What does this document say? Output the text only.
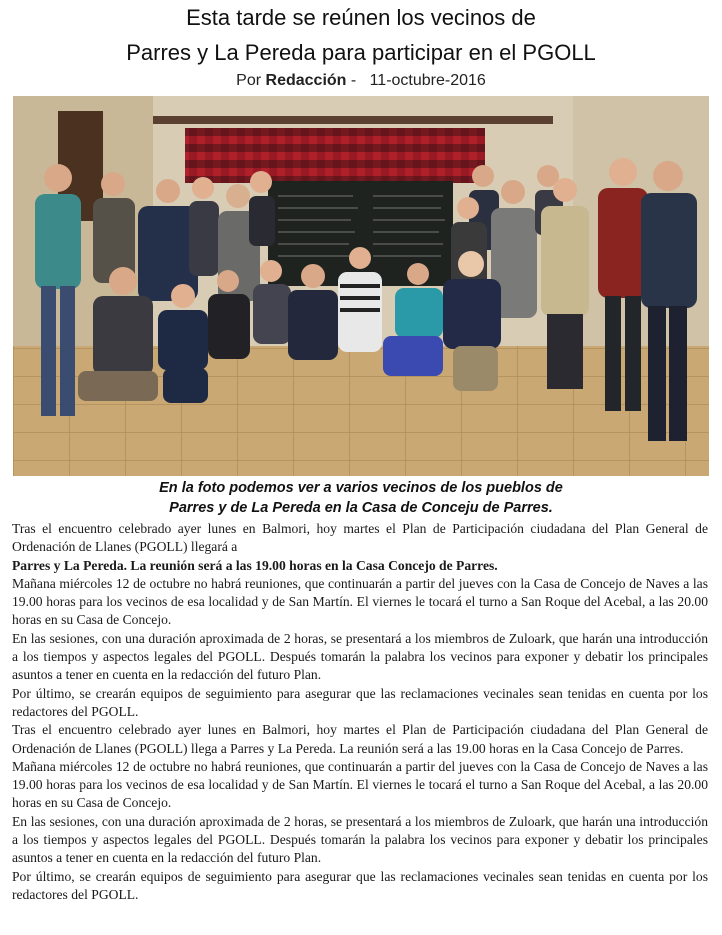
Esta tarde se reúnen los vecinos de
Parres y La Pereda para participar en el PGOLL
Por Redacción - 11-octubre-2016
En la foto podemos ver a varios vecinos de los pueblos de
Parres y de La Pereda en la Casa de Conceju de Parres.

Tras el encuentro celebrado ayer lunes en Balmori, hoy martes el Plan de Participación ciudadana del Plan General de Ordenación de Llanes (PGOLL) llegará a

Parres y La Pereda. La reunión será a las 19.00 horas en la Casa Concejo de Parres.

Mañana miércoles 12 de octubre no habrá reuniones, que continuarán a partir del jueves con la Casa de Concejo de Naves a las 19.00 horas para los vecinos de esa localidad y de San Martín. El viernes le tocará el turno a San Roque del Acebal, a las 20.00 horas en su Casa de Concejo.

En las sesiones, con una duración aproximada de 2 horas, se presentará a los miembros de Zuloark, que harán una introducción a los tiempos y aspectos legales del PGOLL. Después tomarán la palabra los vecinos para exponer y debatir los principales asuntos a tener en cuenta en la redacción del futuro Plan.

Por último, se crearán equipos de seguimiento para asegurar que las reclamaciones vecinales sean tenidas en cuenta por los redactores del PGOLL.

Tras el encuentro celebrado ayer lunes en Balmori, hoy martes el Plan de Participación ciudadana del Plan General de Ordenación de Llanes (PGOLL) llega a Parres y La Pereda. La reunión será a las 19.00 horas en la Casa Concejo de Parres.

Mañana miércoles 12 de octubre no habrá reuniones, que continuarán a partir del jueves con la Casa de Concejo de Naves a las 19.00 horas para los vecinos de esa localidad y de San Martín. El viernes le tocará el turno a San Roque del Acebal, a las 20.00 horas en su Casa de Concejo.

En las sesiones, con una duración aproximada de 2 horas, se presentará a los miembros de Zuloark, que harán una introducción a los tiempos y aspectos legales del PGOLL. Después tomarán la palabra los vecinos para exponer y debatir los principales asuntos a tener en cuenta en la redacción del futuro Plan.

Por último, se crearán equipos de seguimiento para asegurar que las reclamaciones vecinales sean tenidas en cuenta por los redactores del PGOLL.
